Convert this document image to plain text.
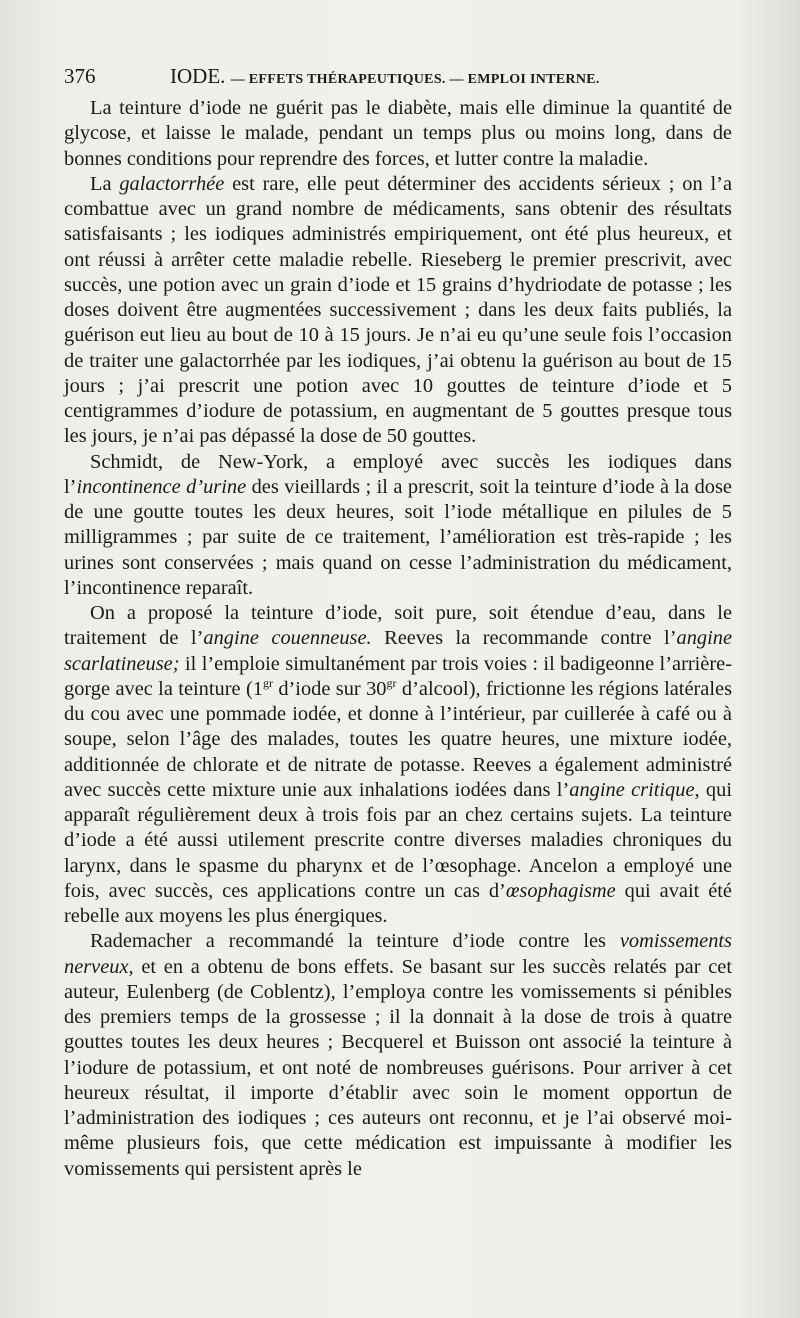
376	IODE. — EFFETS THÉRAPEUTIQUES. — EMPLOI INTERNE.

La teinture d’iode ne guérit pas le diabète, mais elle diminue la quantité de glycose, et laisse le malade, pendant un temps plus ou moins long, dans de bonnes conditions pour reprendre des forces, et lutter contre la maladie.

La galactorrhée est rare, elle peut déterminer des accidents sérieux ; on l’a combattue avec un grand nombre de médicaments, sans obtenir des résultats satisfaisants ; les iodiques administrés empiriquement, ont été plus heureux, et ont réussi à arrêter cette maladie rebelle. Rieseberg le premier prescrivit, avec succès, une potion avec un grain d’iode et 15 grains d’hydriodate de potasse ; les doses doivent être augmentées successivement ; dans les deux faits publiés, la guérison eut lieu au bout de 10 à 15 jours. Je n’ai eu qu’une seule fois l’occasion de traiter une galactorrhée par les iodiques, j’ai obtenu la guérison au bout de 15 jours ; j’ai prescrit une potion avec 10 gouttes de teinture d’iode et 5 centigrammes d’iodure de potassium, en augmentant de 5 gouttes presque tous les jours, je n’ai pas dépassé la dose de 50 gouttes.

Schmidt, de New-York, a employé avec succès les iodiques dans l’incontinence d’urine des vieillards ; il a prescrit, soit la teinture d’iode à la dose de une goutte toutes les deux heures, soit l’iode métallique en pilules de 5 milligrammes ; par suite de ce traitement, l’amélioration est très-rapide ; les urines sont conservées ; mais quand on cesse l’administration du médicament, l’incontinence reparaît.

On a proposé la teinture d’iode, soit pure, soit étendue d’eau, dans le traitement de l’angine couenneuse. Reeves la recommande contre l’angine scarlatineuse; il l’emploie simultanément par trois voies : il badigeonne l’arrière-gorge avec la teinture ($1^{gr}$ d’iode sur $30^{gr}$ d’alcool), frictionne les régions latérales du cou avec une pommade iodée, et donne à l’intérieur, par cuillerée à café ou à soupe, selon l’âge des malades, toutes les quatre heures, une mixture iodée, additionnée de chlorate et de nitrate de potasse. Reeves a également administré avec succès cette mixture unie aux inhalations iodées dans l’angine critique, qui apparaît régulièrement deux à trois fois par an chez certains sujets. La teinture d’iode a été aussi utilement prescrite contre diverses maladies chroniques du larynx, dans le spasme du pharynx et de l’œsophage. Ancelon a employé une fois, avec succès, ces applications contre un cas d’œsophagisme qui avait été rebelle aux moyens les plus énergiques.

Rademacher a recommandé la teinture d’iode contre les vomissements nerveux, et en a obtenu de bons effets. Se basant sur les succès relatés par cet auteur, Eulenberg (de Coblentz), l’employa contre les vomissements si pénibles des premiers temps de la grossesse ; il la donnait à la dose de trois à quatre gouttes toutes les deux heures ; Becquerel et Buisson ont associé la teinture à l’iodure de potassium, et ont noté de nombreuses guérisons. Pour arriver à cet heureux résultat, il importe d’établir avec soin le moment opportun de l’administration des iodiques ; ces auteurs ont reconnu, et je l’ai observé moi-même plusieurs fois, que cette médication est impuissante à modifier les vomissements qui persistent après le
